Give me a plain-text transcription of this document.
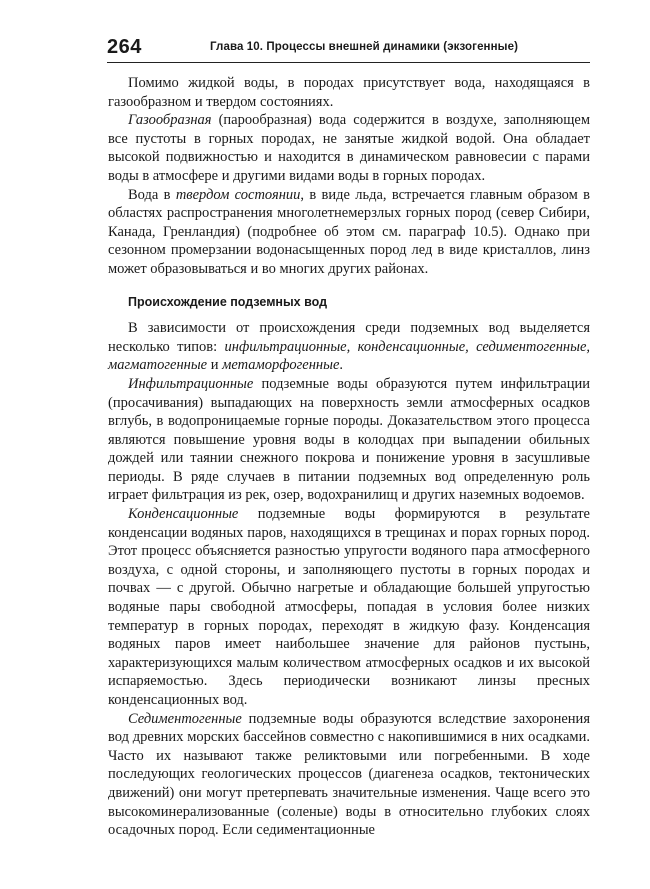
264	Глава 10. Процессы внешней динамики (экзогенные)

Помимо жидкой воды, в породах присутствует вода, находящаяся в газообразном и твердом состояниях.

Газообразная (парообразная) вода содержится в воздухе, заполняющем все пустоты в горных породах, не занятые жидкой водой. Она обладает высокой подвижностью и находится в динамическом равновесии с парами воды в атмосфере и другими видами воды в горных породах.

Вода в твердом состоянии, в виде льда, встречается главным образом в областях распространения многолетнемерзлых горных пород (север Сибири, Канада, Гренландия) (подробнее об этом см. параграф 10.5). Однако при сезонном промерзании водонасыщенных пород лед в виде кристаллов, линз может образовываться и во многих других районах.

Происхождение подземных вод

В зависимости от происхождения среди подземных вод выделяется несколько типов: инфильтрационные, конденсационные, седиментогенные, магматогенные и метаморфогенные.

Инфильтрационные подземные воды образуются путем инфильтрации (просачивания) выпадающих на поверхность земли атмосферных осадков вглубь, в водопроницаемые горные породы. Доказательством этого процесса являются повышение уровня воды в колодцах при выпадении обильных дождей или таянии снежного покрова и понижение уровня в засушливые периоды. В ряде случаев в питании подземных вод определенную роль играет фильтрация из рек, озер, водохранилищ и других наземных водоемов.

Конденсационные подземные воды формируются в результате конденсации водяных паров, находящихся в трещинах и порах горных пород. Этот процесс объясняется разностью упругости водяного пара атмосферного воздуха, с одной стороны, и заполняющего пустоты в горных породах и почвах — с другой. Обычно нагретые и обладающие большей упругостью водяные пары свободной атмосферы, попадая в условия более низких температур в горных породах, переходят в жидкую фазу. Конденсация водяных паров имеет наибольшее значение для районов пустынь, характеризующихся малым количеством атмосферных осадков и их высокой испаряемостью. Здесь периодически возникают линзы пресных конденсационных вод.

Седиментогенные подземные воды образуются вследствие захоронения вод древних морских бассейнов совместно с накопившимися в них осадками. Часто их называют также реликтовыми или погребенными. В ходе последующих геологических процессов (диагенеза осадков, тектонических движений) они могут претерпевать значительные изменения. Чаще всего это высокоминерализованные (соленые) воды в относительно глубоких слоях осадочных пород. Если седиментационные
